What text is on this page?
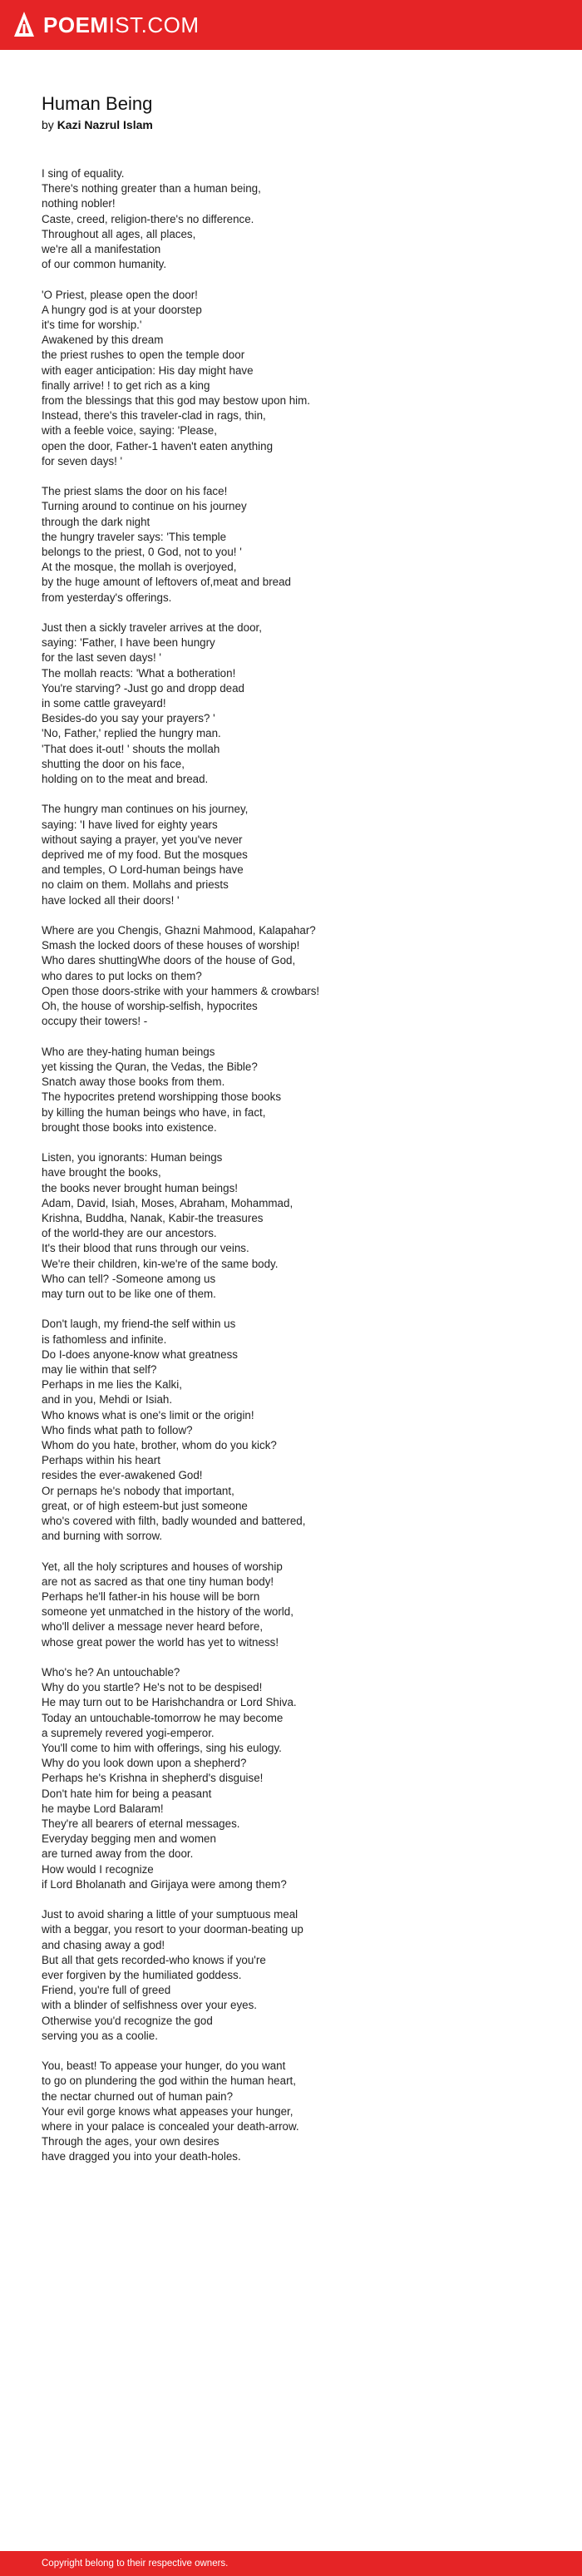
POEMIST.COM
Human Being
by Kazi Nazrul Islam

I sing of equality.
There's nothing greater than a human being,
nothing nobler!
Caste, creed, religion-there's no difference.
Throughout all ages, all places,
we're all a manifestation
of our common humanity.

'O Priest, please open the door!
A hungry god is at your doorstep
it's time for worship.'
Awakened by this dream
the priest rushes to open the temple door
with eager anticipation: His day might have
finally arrive! ! to get rich as a king
from the blessings that this god may bestow upon him.
Instead, there's this traveler-clad in rags, thin,
with a feeble voice, saying: 'Please,
open the door, Father-1 haven't eaten anything
for seven days! '

The priest slams the door on his face!
Turning around to continue on his journey
through the dark night
the hungry traveler says: 'This temple
belongs to the priest, 0 God, not to you! '
At the mosque, the mollah is overjoyed,
by the huge amount of leftovers of,meat and bread
from yesterday's offerings.

Just then a sickly traveler arrives at the door,
saying: 'Father, I have been hungry
for the last seven days! '
The mollah reacts: 'What a botheration!
You're starving? -Just go and dropp dead
in some cattle graveyard!
Besides-do you say your prayers? '
'No, Father,' replied the hungry man.
'That does it-out! ' shouts the mollah
shutting the door on his face,
holding on to the meat and bread.

The hungry man continues on his journey,
saying: 'I have lived for eighty years
without saying a prayer, yet you've never
deprived me of my food. But the mosques
and temples, O Lord-human beings have
no claim on them. Mollahs and priests
have locked all their doors! '

Where are you Chengis, Ghazni Mahmood, Kalapahar?
Smash the locked doors of these houses of worship!
Who dares shuttingWhe doors of the house of God,
who dares to put locks on them?
Open those doors-strike with your hammers & crowbars!
Oh, the house of worship-selfish, hypocrites
occupy their towers! -

Who are they-hating human beings
yet kissing the Quran, the Vedas, the Bible?
Snatch away those books from them.
The hypocrites pretend worshipping those books
by killing the human beings who have, in fact,
brought those books into existence.

Listen, you ignorants: Human beings
have brought the books,
the books never brought human beings!
Adam, David, Isiah, Moses, Abraham, Mohammad,
Krishna, Buddha, Nanak, Kabir-the treasures
of the world-they are our ancestors.
It's their blood that runs through our veins.
We're their children, kin-we're of the same body.
Who can tell? -Someone among us
may turn out to be like one of them.

Don't laugh, my friend-the self within us
is fathomless and infinite.
Do I-does anyone-know what greatness
may lie within that self?
Perhaps in me lies the Kalki,
and in you, Mehdi or Isiah.
Who knows what is one's limit or the origin!
Who finds what path to follow?
Whom do you hate, brother, whom do you kick?
Perhaps within his heart
resides the ever-awakened God!
Or pernaps he's nobody that important,
great, or of high esteem-but just someone
who's covered with filth, badly wounded and battered,
and burning with sorrow.

Yet, all the holy scriptures and houses of worship
are not as sacred as that one tiny human body!
Perhaps he'll father-in his house will be born
someone yet unmatched in the history of the world,
who'll deliver a message never heard before,
whose great power the world has yet to witness!

Who's he? An untouchable?
Why do you startle? He's not to be despised!
He may turn out to be Harishchandra or Lord Shiva.
Today an untouchable-tomorrow he may become
a supremely revered yogi-emperor.
You'll come to him with offerings, sing his eulogy.
Why do you look down upon a shepherd?
Perhaps he's Krishna in shepherd's disguise!
Don't hate him for being a peasant
he maybe Lord Balaram!
They're all bearers of eternal messages.
Everyday begging men and women
are turned away from the door.
How would I recognize
if Lord Bholanath and Girijaya were among them?

Just to avoid sharing a little of your sumptuous meal
with a beggar, you resort to your doorman-beating up
and chasing away a god!
But all that gets recorded-who knows if you're
ever forgiven by the humiliated goddess.
Friend, you're full of greed
with a blinder of selfishness over your eyes.
Otherwise you'd recognize the god
serving you as a coolie.

You, beast! To appease your hunger, do you want
to go on plundering the god within the human heart,
the nectar churned out of human pain?
Your evil gorge knows what appeases your hunger,
where in your palace is concealed your death-arrow.
Through the ages, your own desires
have dragged you into your death-holes.

Copyright belong to their respective owners.
